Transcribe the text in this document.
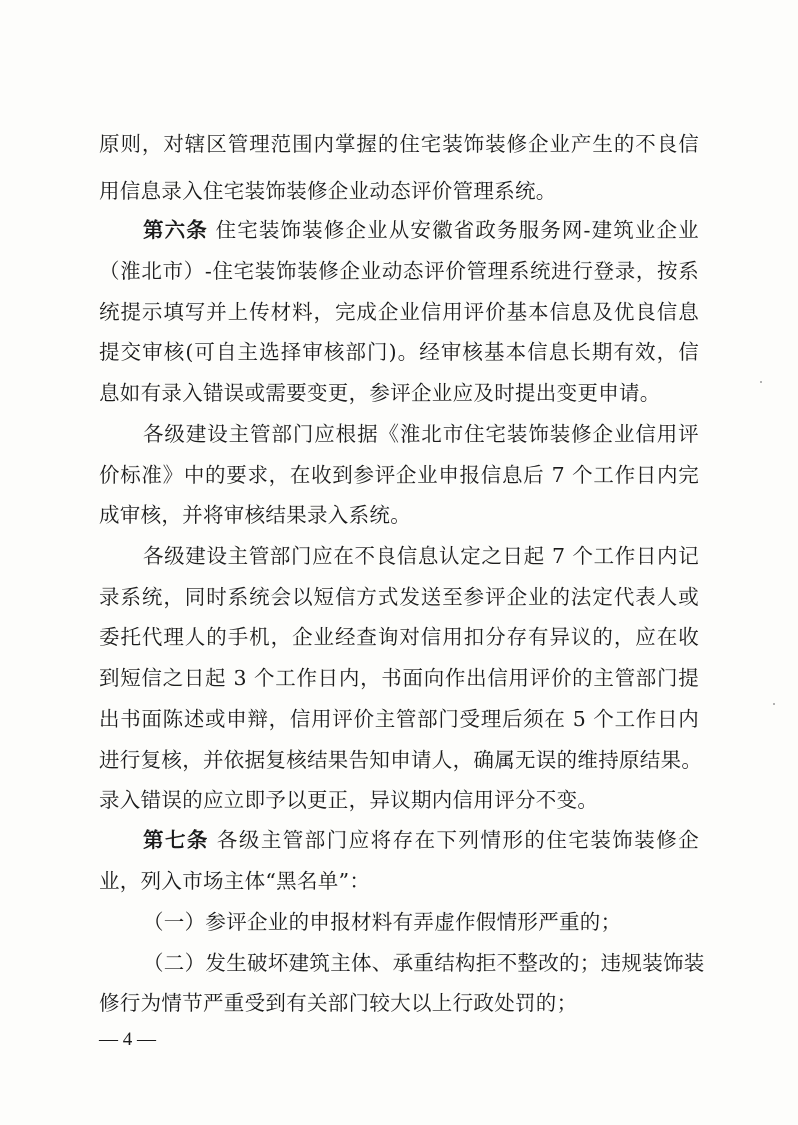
原则，对辖区管理范围内掌握的住宅装饰装修企业产生的不良信
用信息录入住宅装饰装修企业动态评价管理系统。
第六条 住宅装饰装修企业从安徽省政务服务网-建筑业企业
（淮北市）-住宅装饰装修企业动态评价管理系统进行登录，按系
统提示填写并上传材料，完成企业信用评价基本信息及优良信息
提交审核(可自主选择审核部门)。经审核基本信息长期有效，信
息如有录入错误或需要变更，参评企业应及时提出变更申请。
各级建设主管部门应根据《淮北市住宅装饰装修企业信用评
价标准》中的要求，在收到参评企业申报信息后 7 个工作日内完
成审核，并将审核结果录入系统。
各级建设主管部门应在不良信息认定之日起 7 个工作日内记
录系统，同时系统会以短信方式发送至参评企业的法定代表人或
委托代理人的手机，企业经查询对信用扣分存有异议的，应在收
到短信之日起 3 个工作日内，书面向作出信用评价的主管部门提
出书面陈述或申辩，信用评价主管部门受理后须在 5 个工作日内
进行复核，并依据复核结果告知申请人，确属无误的维持原结果。
录入错误的应立即予以更正，异议期内信用评分不变。
第七条 各级主管部门应将存在下列情形的住宅装饰装修企
业，列入市场主体“黑名单”：
（一）参评企业的申报材料有弄虚作假情形严重的；
（二）发生破坏建筑主体、承重结构拒不整改的；违规装饰装
修行为情节严重受到有关部门较大以上行政处罚的；
— 4 —
